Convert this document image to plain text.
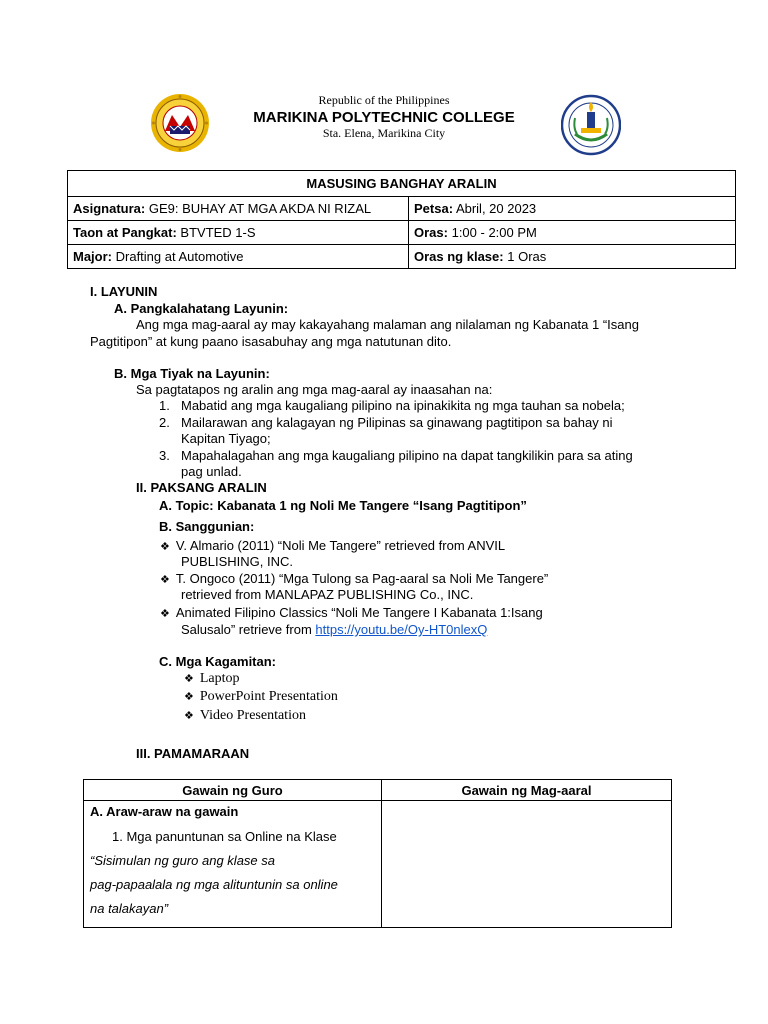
Republic of the Philippines
MARIKINA POLYTECHNIC COLLEGE
Sta. Elena, Marikina City
MASUSING BANGHAY ARALIN	
Asignatura: GE9: BUHAY AT MGA AKDA NI RIZAL	Petsa: Abril, 20 2023
Taon at Pangkat: BTVTED 1-S	Oras: 1:00 - 2:00 PM
Major: Drafting at Automotive	Oras ng klase: 1 Oras
I. LAYUNIN
A. Pangkalahatang Layunin:
Ang mga mag-aaral ay may kakayahang malaman ang nilalaman ng Kabanata 1 “Isang
Pagtitipon” at kung paano isasabuhay ang mga natutunan dito.
B. Mga Tiyak na Layunin:
Sa pagtatapos ng aralin ang mga mag-aaral ay inaasahan na:
1. Mabatid ang mga kaugaliang pilipino na ipinakikita ng mga tauhan sa nobela;
2. Mailarawan ang kalagayan ng Pilipinas sa ginawang pagtitipon sa bahay ni
Kapitan Tiyago;
3. Mapahalagahan ang mga kaugaliang pilipino na dapat tangkilikin para sa ating
pag unlad.
II. PAKSANG ARALIN
A. Topic: Kabanata 1 ng Noli Me Tangere “Isang Pagtitipon”
B. Sanggunian:
❖ V. Almario (2011) “Noli Me Tangere” retrieved from ANVIL
PUBLISHING, INC.
❖ T. Ongoco (2011) “Mga Tulong sa Pag-aaral sa Noli Me Tangere”
retrieved from MANLAPAZ PUBLISHING Co., INC.
❖ Animated Filipino Classics “Noli Me Tangere I Kabanata 1:Isang
Salusalo” retrieve from https://youtu.be/Oy-HT0nlexQ
C. Mga Kagamitan:
❖ Laptop
❖ PowerPoint Presentation
❖ Video Presentation
III. PAMAMARAAN
Gawain ng Guro	Gawain ng Mag-aaral

A. Araw-araw na gawain
1. Mga panuntunan sa Online na Klase
“Sisimulan ng guro ang klase sa
pag-papaalala ng mga alituntunin sa online
na talakayan”	
